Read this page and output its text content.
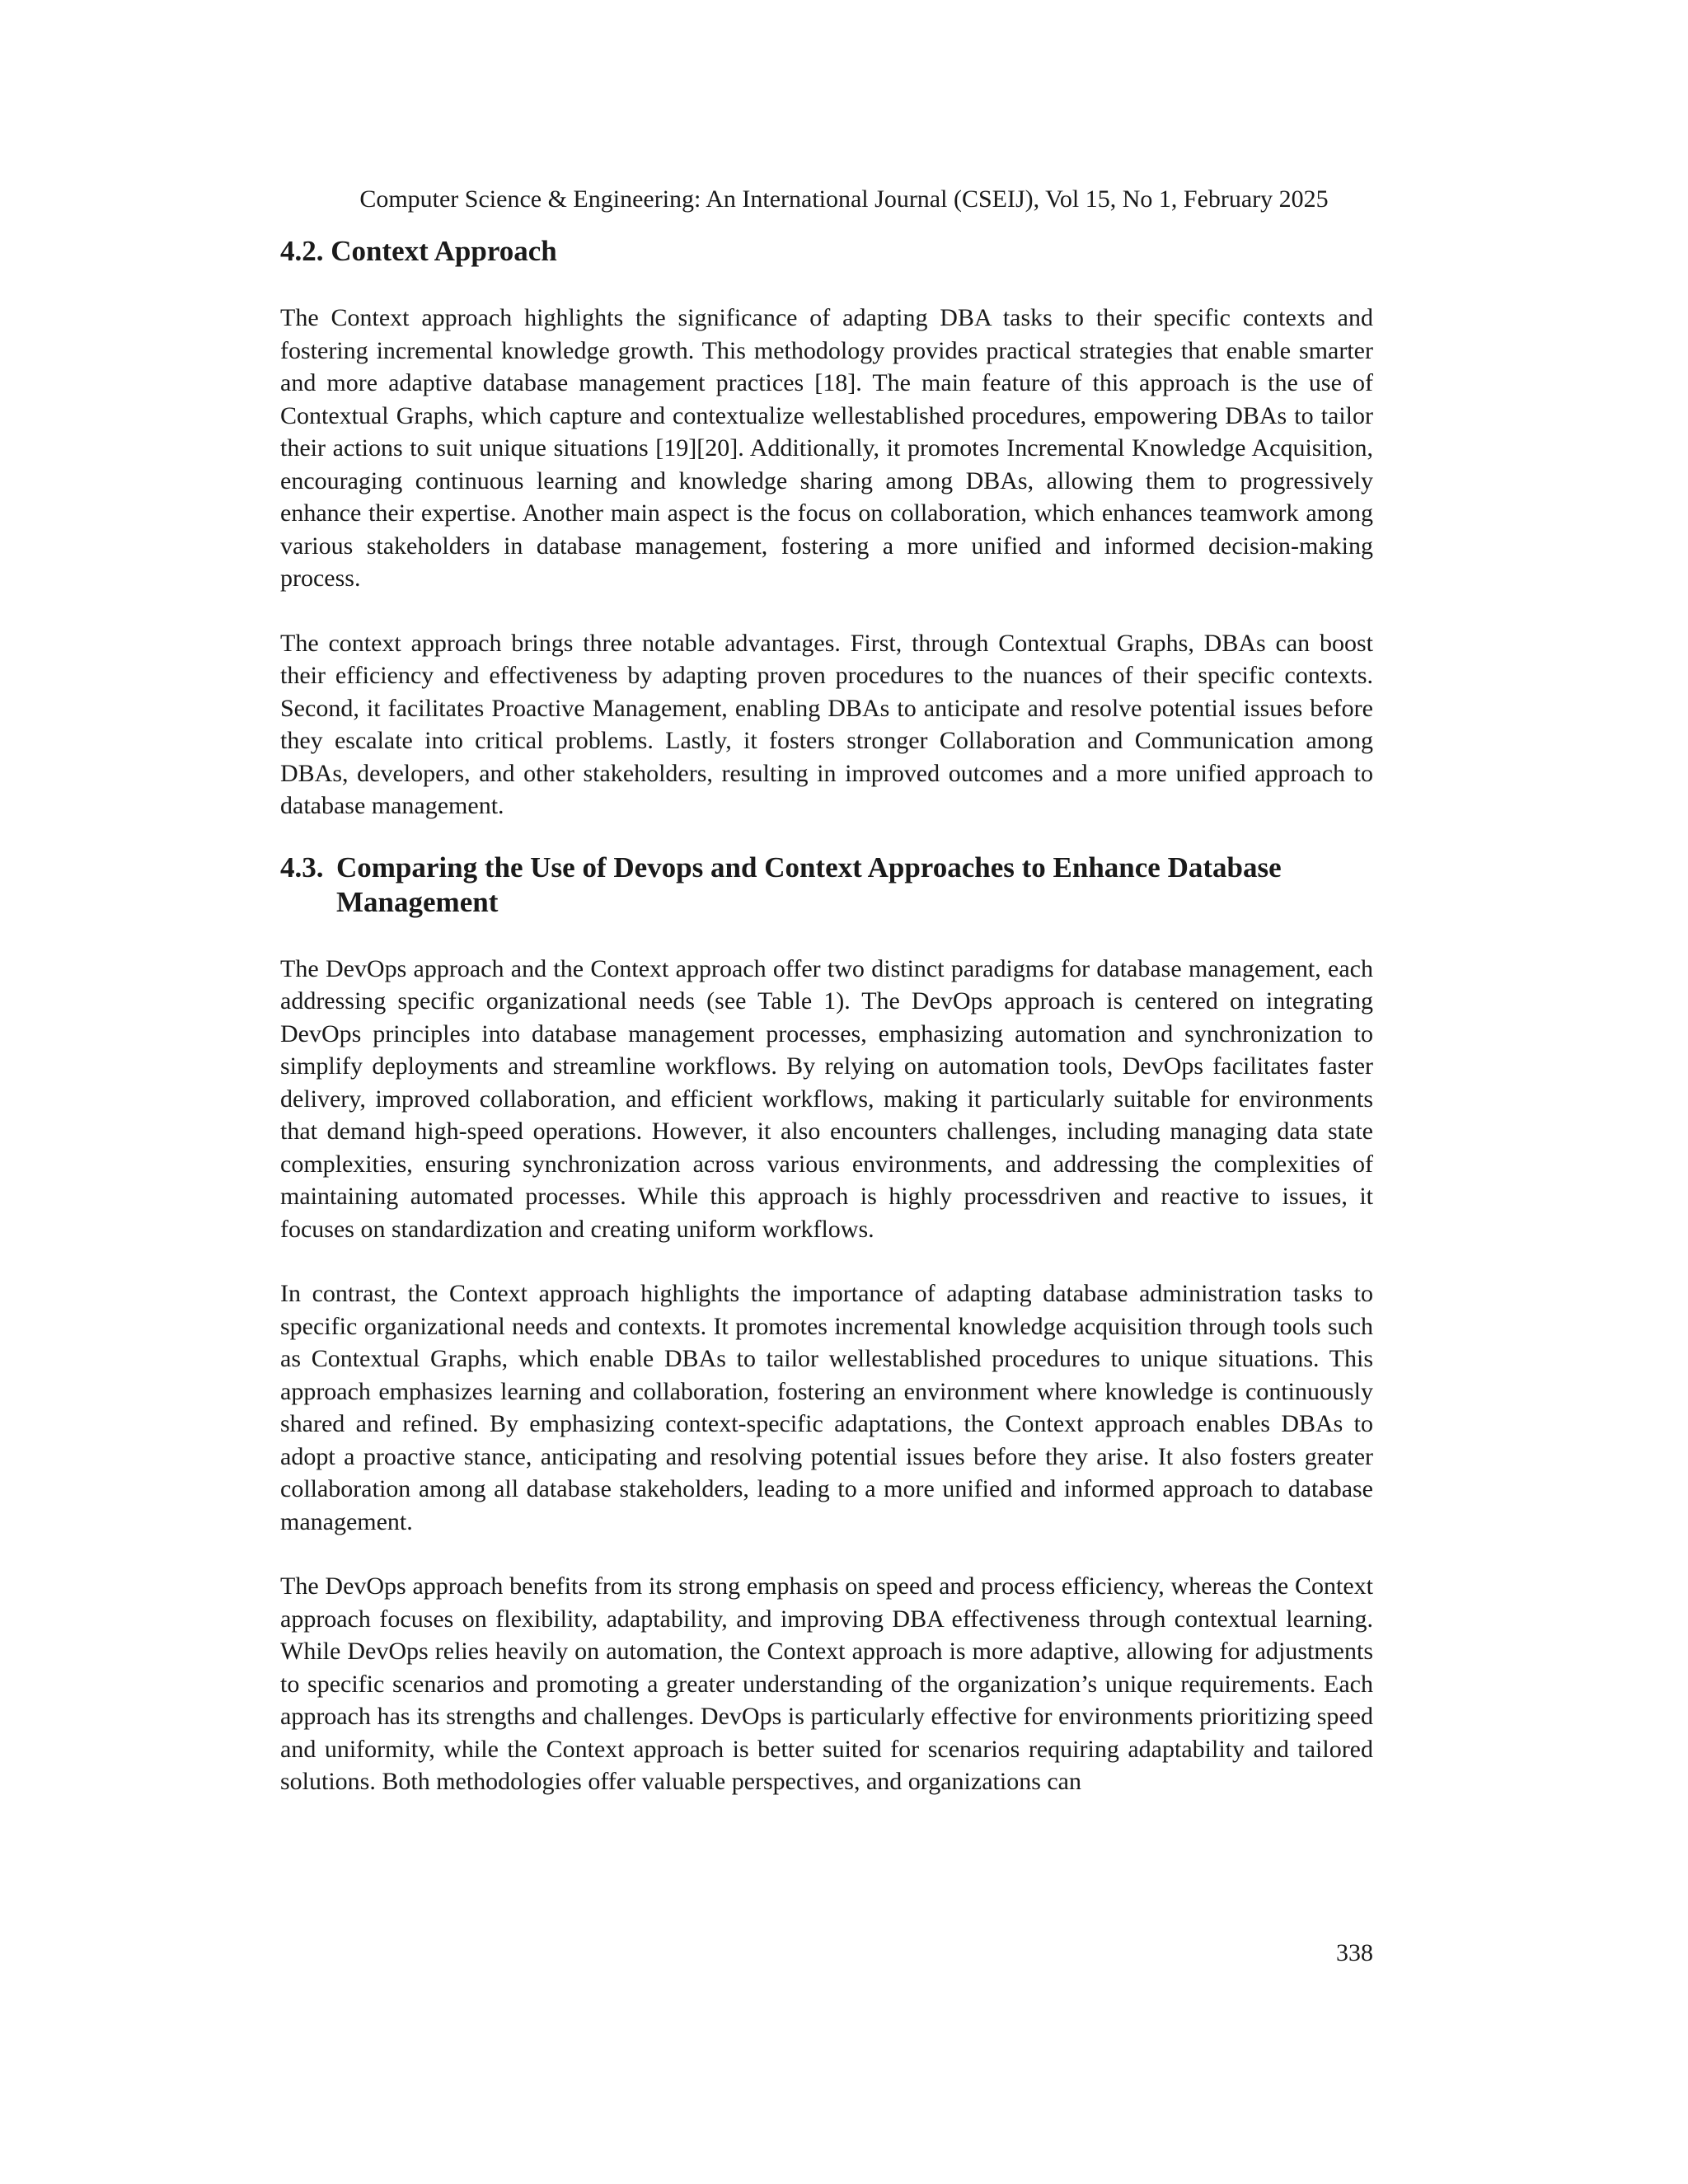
Computer Science & Engineering: An International Journal (CSEIJ), Vol 15, No 1, February 2025
4.2. Context Approach

The Context approach highlights the significance of adapting DBA tasks to their specific contexts and fostering incremental knowledge growth. This methodology provides practical strategies that enable smarter and more adaptive database management practices [18]. The main feature of this approach is the use of Contextual Graphs, which capture and contextualize wellestablished procedures, empowering DBAs to tailor their actions to suit unique situations [19][20]. Additionally, it promotes Incremental Knowledge Acquisition, encouraging continuous learning and knowledge sharing among DBAs, allowing them to progressively enhance their expertise. Another main aspect is the focus on collaboration, which enhances teamwork among various stakeholders in database management, fostering a more unified and informed decision-making process.

The context approach brings three notable advantages. First, through Contextual Graphs, DBAs can boost their efficiency and effectiveness by adapting proven procedures to the nuances of their specific contexts. Second, it facilitates Proactive Management, enabling DBAs to anticipate and resolve potential issues before they escalate into critical problems. Lastly, it fosters stronger Collaboration and Communication among DBAs, developers, and other stakeholders, resulting in improved outcomes and a more unified approach to database management.

4.3. Comparing the Use of Devops and Context Approaches to Enhance Database Management

The DevOps approach and the Context approach offer two distinct paradigms for database management, each addressing specific organizational needs (see Table 1). The DevOps approach is centered on integrating DevOps principles into database management processes, emphasizing automation and synchronization to simplify deployments and streamline workflows. By relying on automation tools, DevOps facilitates faster delivery, improved collaboration, and efficient workflows, making it particularly suitable for environments that demand high-speed operations. However, it also encounters challenges, including managing data state complexities, ensuring synchronization across various environments, and addressing the complexities of maintaining automated processes. While this approach is highly processdriven and reactive to issues, it focuses on standardization and creating uniform workflows.

In contrast, the Context approach highlights the importance of adapting database administration tasks to specific organizational needs and contexts. It promotes incremental knowledge acquisition through tools such as Contextual Graphs, which enable DBAs to tailor wellestablished procedures to unique situations. This approach emphasizes learning and collaboration, fostering an environment where knowledge is continuously shared and refined. By emphasizing context-specific adaptations, the Context approach enables DBAs to adopt a proactive stance, anticipating and resolving potential issues before they arise. It also fosters greater collaboration among all database stakeholders, leading to a more unified and informed approach to database management.

The DevOps approach benefits from its strong emphasis on speed and process efficiency, whereas the Context approach focuses on flexibility, adaptability, and improving DBA effectiveness through contextual learning. While DevOps relies heavily on automation, the Context approach is more adaptive, allowing for adjustments to specific scenarios and promoting a greater understanding of the organization’s unique requirements. Each approach has its strengths and challenges. DevOps is particularly effective for environments prioritizing speed and uniformity, while the Context approach is better suited for scenarios requiring adaptability and tailored solutions. Both methodologies offer valuable perspectives, and organizations can

338
